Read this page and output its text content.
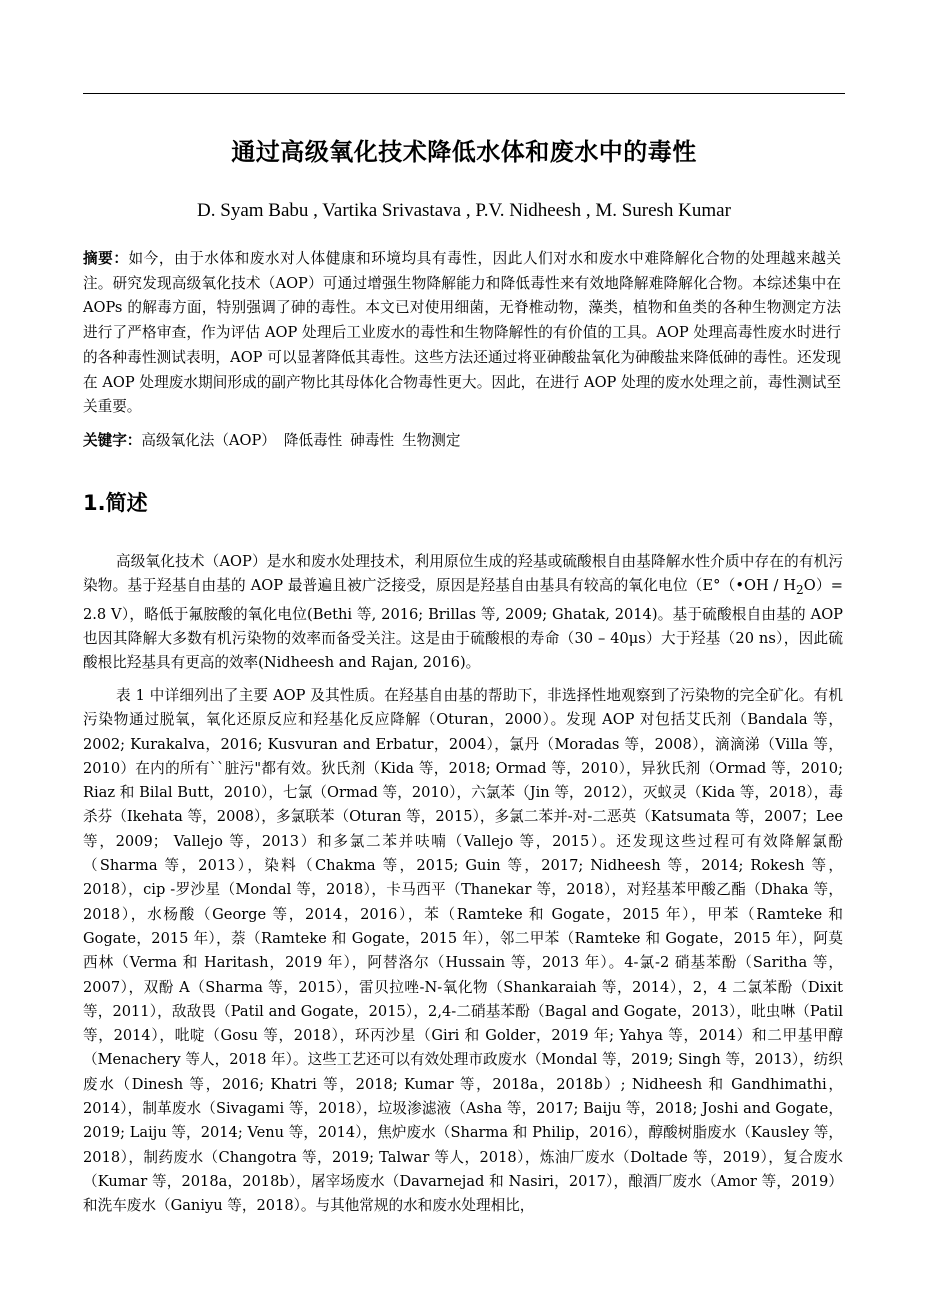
通过高级氧化技术降低水体和废水中的毒性

D. Syam Babu , Vartika Srivastava , P.V. Nidheesh , M. Suresh Kumar

摘要：如今，由于水体和废水对人体健康和环境均具有毒性，因此人们对水和废水中难降解化合物的处理越来越关注。研究发现高级氧化技术（AOP）可通过增强生物降解能力和降低毒性来有效地降解难降解化合物。本综述集中在 AOPs 的解毒方面，特别强调了砷的毒性。本文已对使用细菌，无脊椎动物，藻类，植物和鱼类的各种生物测定方法进行了严格审查，作为评估 AOP 处理后工业废水的毒性和生物降解性的有价值的工具。AOP 处理高毒性废水时进行的各种毒性测试表明，AOP 可以显著降低其毒性。这些方法还通过将亚砷酸盐氧化为砷酸盐来降低砷的毒性。还发现在 AOP 处理废水期间形成的副产物比其母体化合物毒性更大。因此，在进行 AOP 处理的废水处理之前，毒性测试至关重要。

关键字：高级氧化法（AOP） 降低毒性 砷毒性 生物测定

1.简述

高级氧化技术（AOP）是水和废水处理技术，利用原位生成的羟基或硫酸根自由基降解水性介质中存在的有机污染物。基于羟基自由基的 AOP 最普遍且被广泛接受，原因是羟基自由基具有较高的氧化电位（E°（•OH / $H_2O)= 2.8$ V），略低于氟胺酸的氧化电位(Bethi 等, 2016; Brillas 等, 2009; Ghatak, 2014)。基于硫酸根自由基的 AOP 也因其降解大多数有机污染物的效率而备受关注。这是由于硫酸根的寿命（30 – 40μs）大于羟基（20 ns），因此硫酸根比羟基具有更高的效率(Nidheesh and Rajan, 2016)。

表 1 中详细列出了主要 AOP 及其性质。在羟基自由基的帮助下，非选择性地观察到了污染物的完全矿化。有机污染物通过脱氧，氧化还原反应和羟基化反应降解（Oturan，2000）。发现 AOP 对包括艾氏剂（Bandala 等，2002; Kurakalva，2016; Kusvuran and Erbatur，2004），氯丹（Moradas 等，2008），滴滴涕（Villa 等，2010）在内的所有``脏污"都有效。狄氏剂（Kida 等，2018; Ormad 等，2010），异狄氏剂（Ormad 等，2010; Riaz 和 Bilal Butt，2010），七氯（Ormad 等，2010），六氯苯（Jin 等，2012），灭蚁灵（Kida 等，2018），毒杀芬（Ikehata 等，2008），多氯联苯（Oturan 等，2015），多氯二苯并-对-二恶英（Katsumata 等，2007；Lee 等，2009； Vallejo 等，2013）和多氯二苯并呋喃（Vallejo 等，2015）。还发现这些过程可有效降解氯酚（Sharma 等，2013），染料（Chakma 等，2015; Guin 等，2017; Nidheesh 等，2014; Rokesh 等，2018），cip -罗沙星（Mondal 等，2018），卡马西平（Thanekar 等，2018），对羟基苯甲酸乙酯（Dhaka 等，2018），水杨酸（George 等，2014，2016），苯（Ramteke 和 Gogate，2015 年），甲苯（Ramteke 和 Gogate，2015 年），萘（Ramteke 和 Gogate，2015 年），邻二甲苯（Ramteke 和 Gogate，2015 年），阿莫西林（Verma 和 Haritash，2019 年），阿替洛尔（Hussain 等，2013 年）。4-氯-2 硝基苯酚（Saritha 等，2007），双酚 A（Sharma 等，2015），雷贝拉唑-N-氧化物（Shankaraiah 等，2014），2，4 二氯苯酚（Dixit 等，2011），敌敌畏（Patil and Gogate，2015），2,4-二硝基苯酚（Bagal and Gogate，2013），吡虫啉（Patil 等，2014），吡啶（Gosu 等，2018），环丙沙星（Giri 和 Golder，2019 年; Yahya 等，2014）和二甲基甲醇（Menachery 等人，2018 年）。这些工艺还可以有效处理市政废水（Mondal 等，2019; Singh 等，2013），纺织废水（Dinesh 等，2016; Khatri 等，2018; Kumar 等，2018a，2018b）; Nidheesh 和 Gandhimathi，2014），制革废水（Sivagami 等，2018），垃圾渗滤液（Asha 等，2017; Baiju 等，2018; Joshi and Gogate，2019; Laiju 等，2014; Venu 等，2014），焦炉废水（Sharma 和 Philip，2016），醇酸树脂废水（Kausley 等，2018），制药废水（Changotra 等，2019; Talwar 等人，2018），炼油厂废水（Doltade 等，2019），复合废水（Kumar 等，2018a，2018b），屠宰场废水（Davarnejad 和 Nasiri，2017），酿酒厂废水（Amor 等，2019）和洗车废水（Ganiyu 等，2018）。与其他常规的水和废水处理相比，
